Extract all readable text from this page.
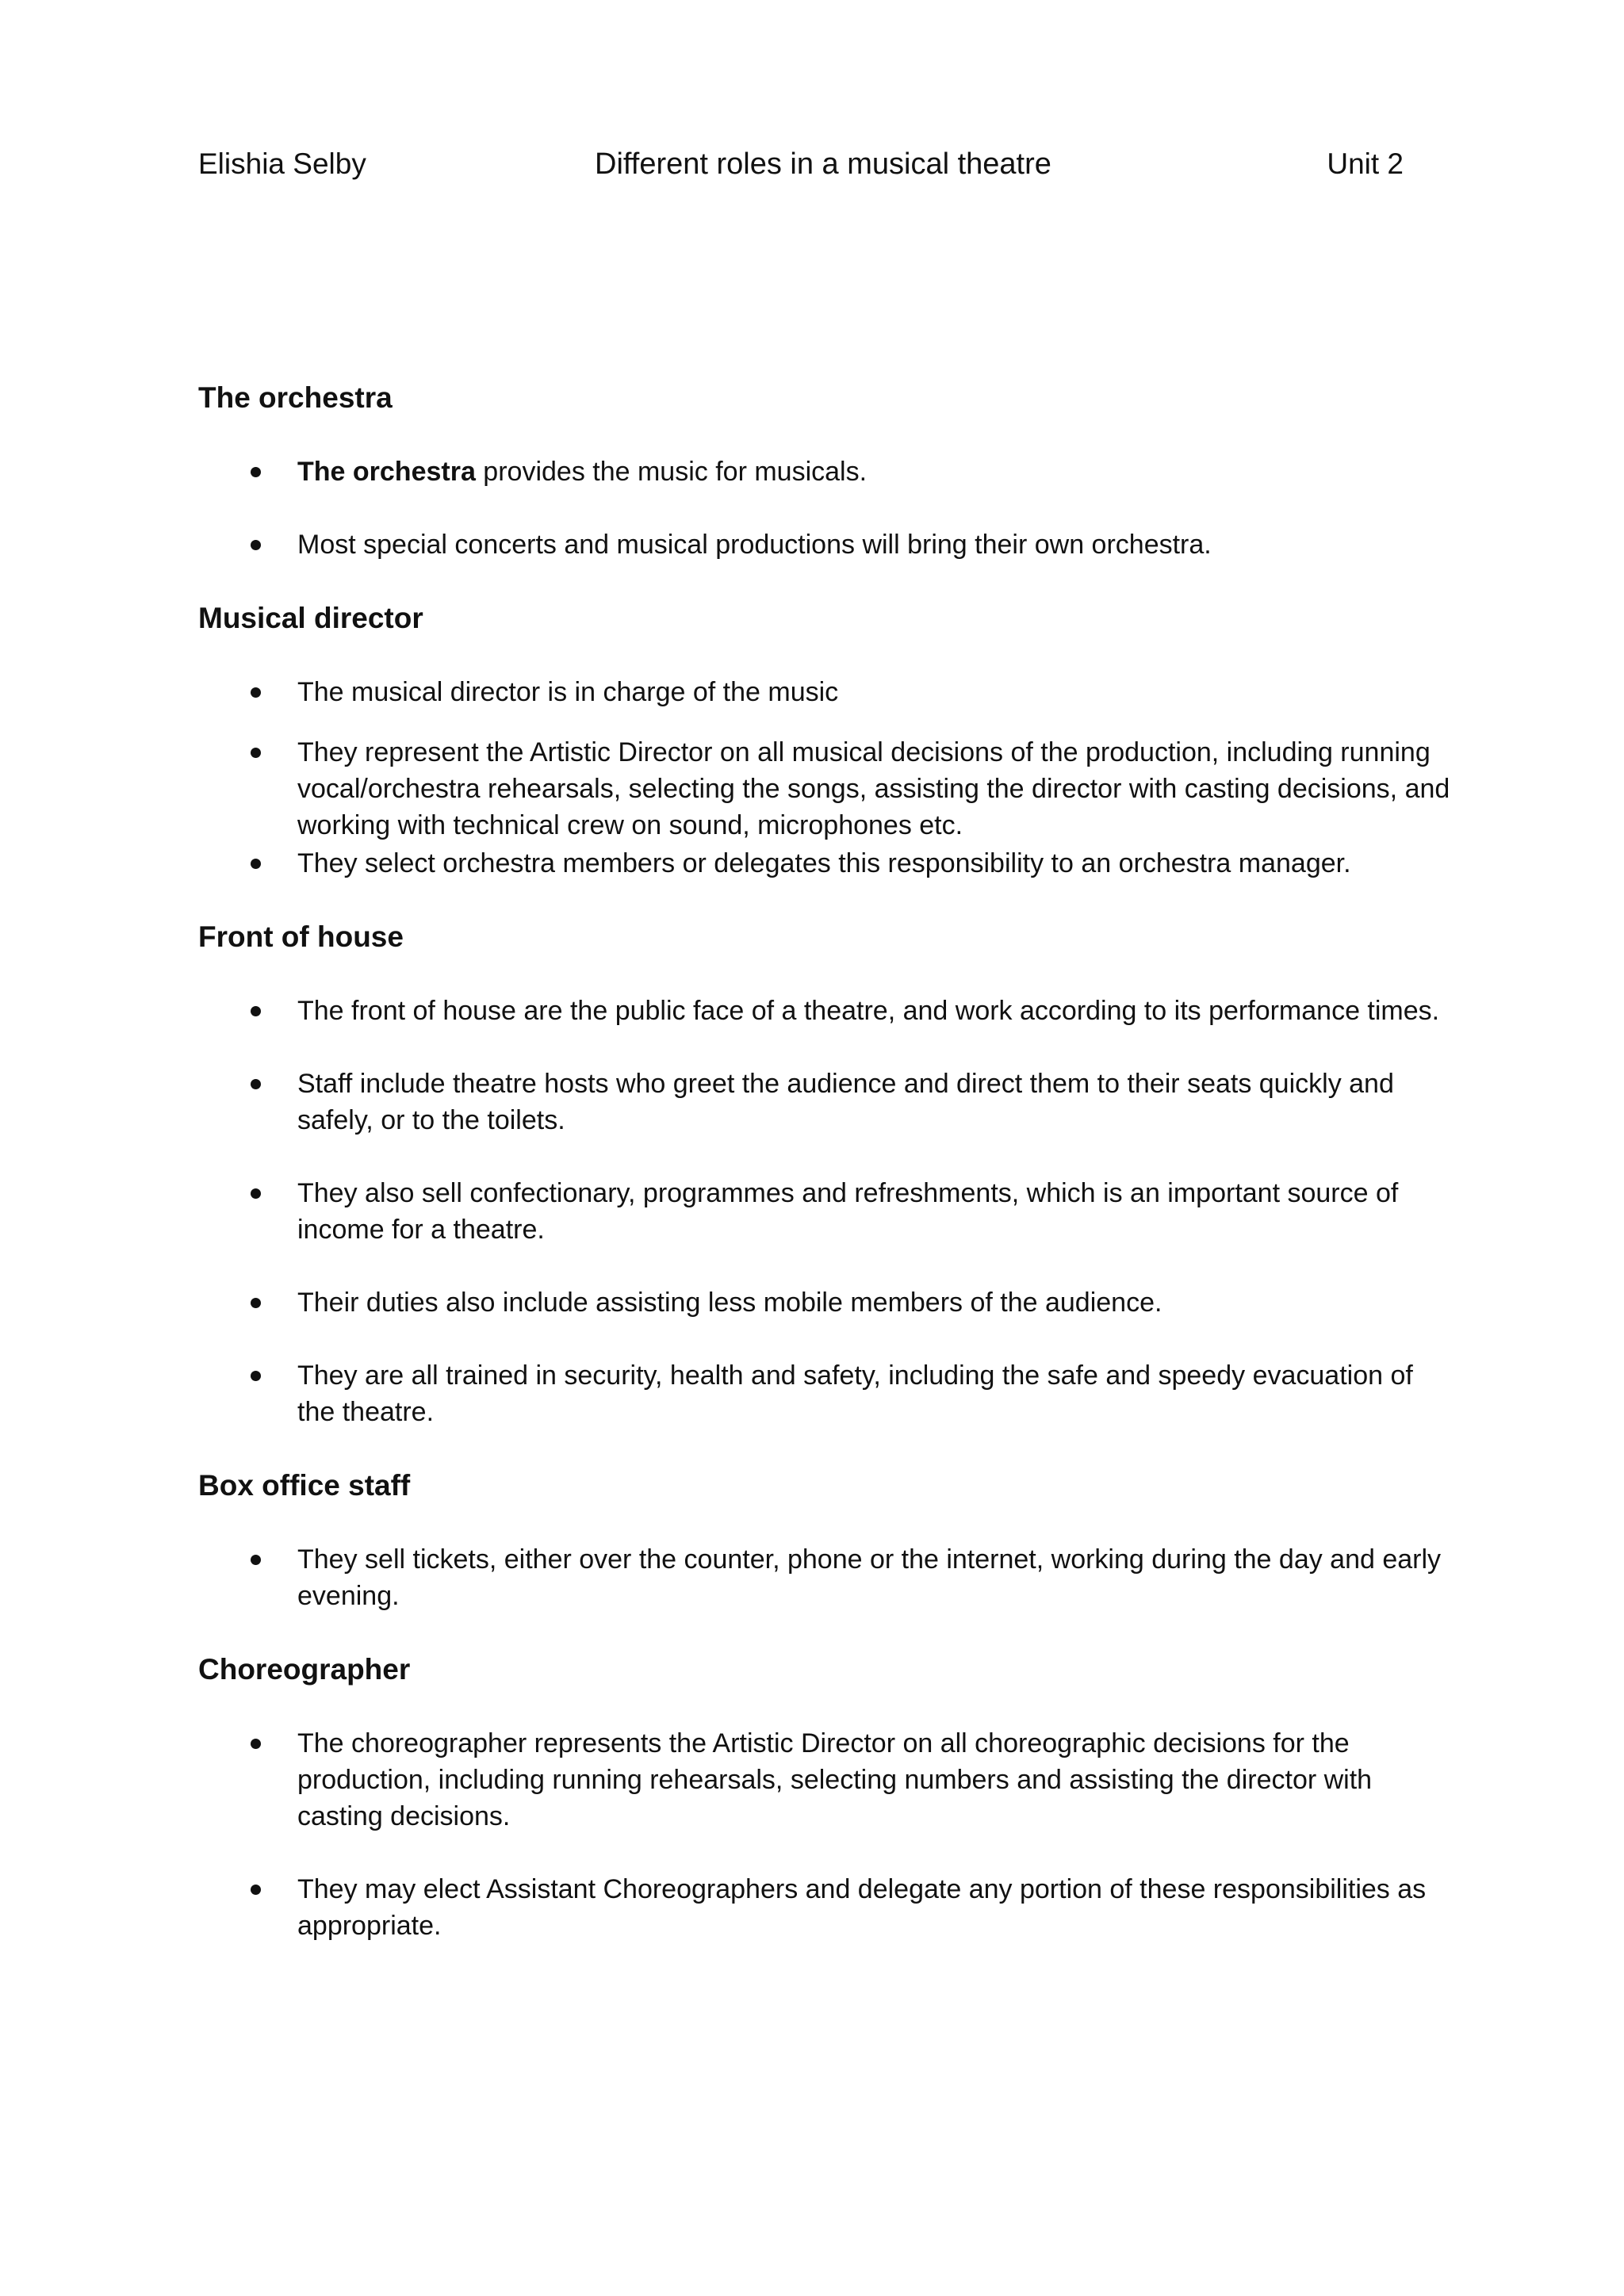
Elishia Selby	Different roles in a musical theatre	Unit 2
The orchestra
The orchestra provides the music for musicals.
Most special concerts and musical productions will bring their own orchestra.
Musical director
The musical director is in charge of the music
They represent the Artistic Director on all musical decisions of the production, including running vocal/orchestra rehearsals, selecting the songs, assisting the director with casting decisions, and working with technical crew on sound, microphones etc.
They select orchestra members or delegates this responsibility to an orchestra manager.
Front of house
The front of house are the public face of a theatre, and work according to its performance times.
Staff include theatre hosts who greet the audience and direct them to their seats quickly and safely, or to the toilets.
They also sell confectionary, programmes and refreshments, which is an important source of income for a theatre.
Their duties also include assisting less mobile members of the audience.
They are all trained in security, health and safety, including the safe and speedy evacuation of the theatre.
Box office staff
They sell tickets, either over the counter, phone or the internet, working during the day and early evening.
Choreographer
The choreographer represents the Artistic Director on all choreographic decisions for the production, including running rehearsals, selecting numbers and assisting the director with casting decisions.
They may elect Assistant Choreographers and delegate any portion of these responsibilities as appropriate.
